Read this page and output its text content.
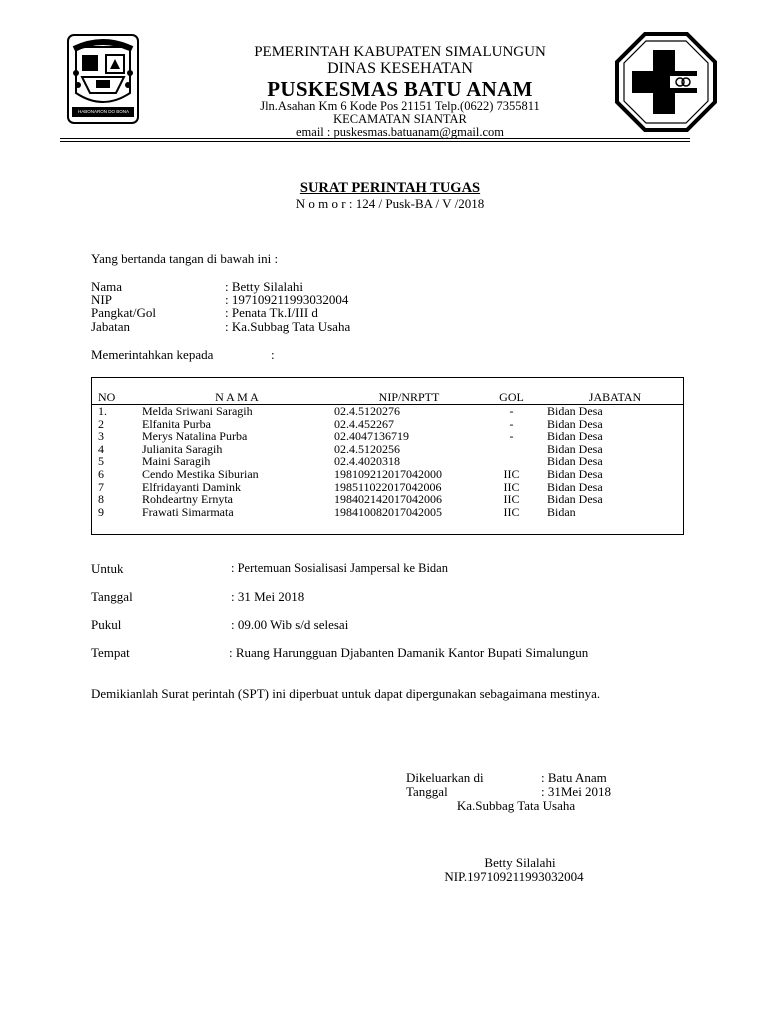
HABONARON DO BONA
PEMERINTAH KABUPATEN SIMALUNGUN
DINAS KESEHATAN
PUSKESMAS BATU ANAM
Jln.Asahan Km 6 Kode Pos 21151 Telp.(0622) 7355811
KECAMATAN SIANTAR
email : puskesmas.batuanam@gmail.com
SURAT PERINTAH TUGAS
N o m o r : 124 / Pusk-BA / V /2018
Yang bertanda tangan di bawah ini :
Nama	: Betty Silalahi
NIP	: 197109211993032004
Pangkat/Gol	: Penata Tk.I/III d
Jabatan	: Ka.Subbag Tata Usaha
Memerintahkan kepada	:
NO	N A M A	NIP/NRPTT	GOL	JABATAN
1.	Melda Sriwani Saragih	02.4.5120276	-	Bidan Desa
2	Elfanita Purba	02.4.452267	-	Bidan Desa
3	Merys Natalina Purba	02.4047136719	-	Bidan Desa
4	Julianita Saragih	02.4.5120256		Bidan Desa
5	Maini Saragih	02.4.4020318		Bidan Desa
6	Cendo Mestika Siburian	198109212017042000	IIC	Bidan Desa
7	Elfridayanti Damink	198511022017042006	IIC	Bidan Desa
8	Rohdeartny Ernyta	198402142017042006	IIC	Bidan Desa
9	Frawati Simarmata	198410082017042005	IIC	Bidan
Untuk	: Pertemuan Sosialisasi Jampersal ke Bidan
Tanggal	: 31 Mei 2018
Pukul	: 09.00 Wib s/d selesai
Tempat	: Ruang Harungguan Djabanten Damanik Kantor Bupati Simalungun
Demikianlah Surat perintah (SPT) ini diperbuat untuk dapat dipergunakan sebagaimana mestinya.
Dikeluarkan di	: Batu Anam
Tanggal	: 31Mei 2018
Ka.Subbag Tata Usaha
Betty Silalahi
NIP.197109211993032004
